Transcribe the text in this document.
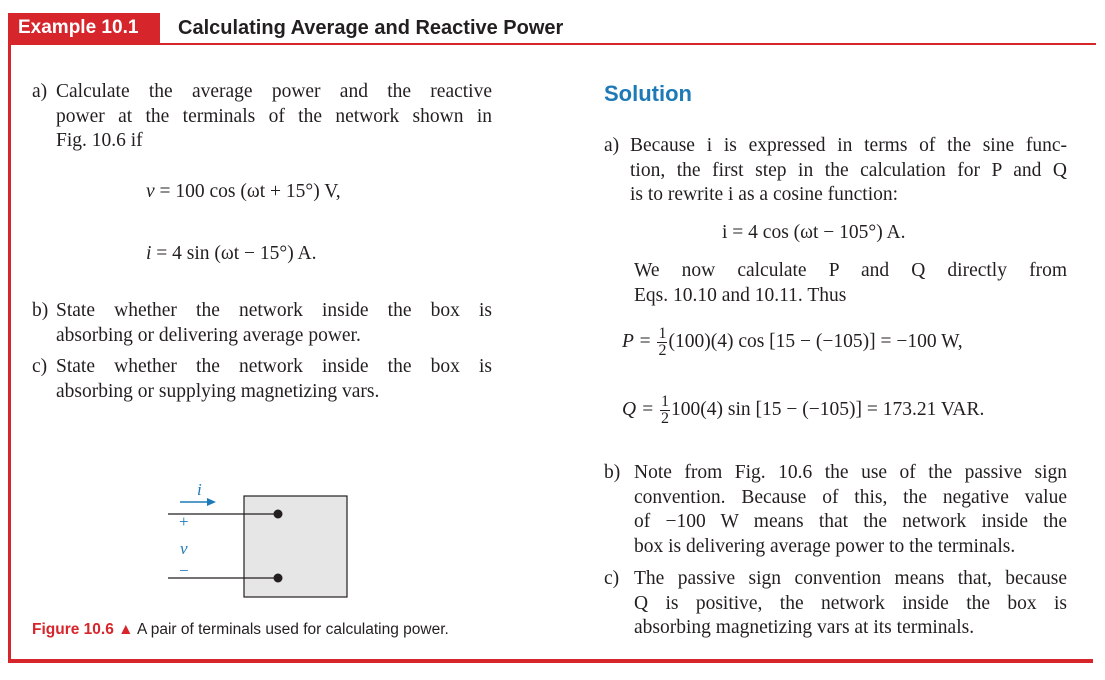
Example 10.1	Calculating Average and Reactive Power
a) Calculate the average power and the reactive
power at the terminals of the network shown in
Fig. 10.6 if
v = 100 cos (ωt + 15°) V,
i = 4 sin (ωt − 15°) A.
b) State whether the network inside the box is
absorbing or delivering average power.
c) State whether the network inside the box is
absorbing or supplying magnetizing vars.
i
+
v
−
Figure 10.6 ▲ A pair of terminals used for calculating power.
Solution
a) Because i is expressed in terms of the sine func-
tion, the first step in the calculation for P and Q
is to rewrite i as a cosine function:
i = 4 cos (ωt − 105°) A.
We now calculate P and Q directly from
Eqs. 10.10 and 10.11. Thus
$P = \frac{1}{2} (100)(4)$ cos [15 − (−105)] = −100 W,
$Q = \frac{1}{2} 100(4)$ sin [15 − (−105)] = 173.21 VAR.
b) Note from Fig. 10.6 the use of the passive sign
convention. Because of this, the negative value
of −100 W means that the network inside the
box is delivering average power to the terminals.
c) The passive sign convention means that, because
Q is positive, the network inside the box is
absorbing magnetizing vars at its terminals.
